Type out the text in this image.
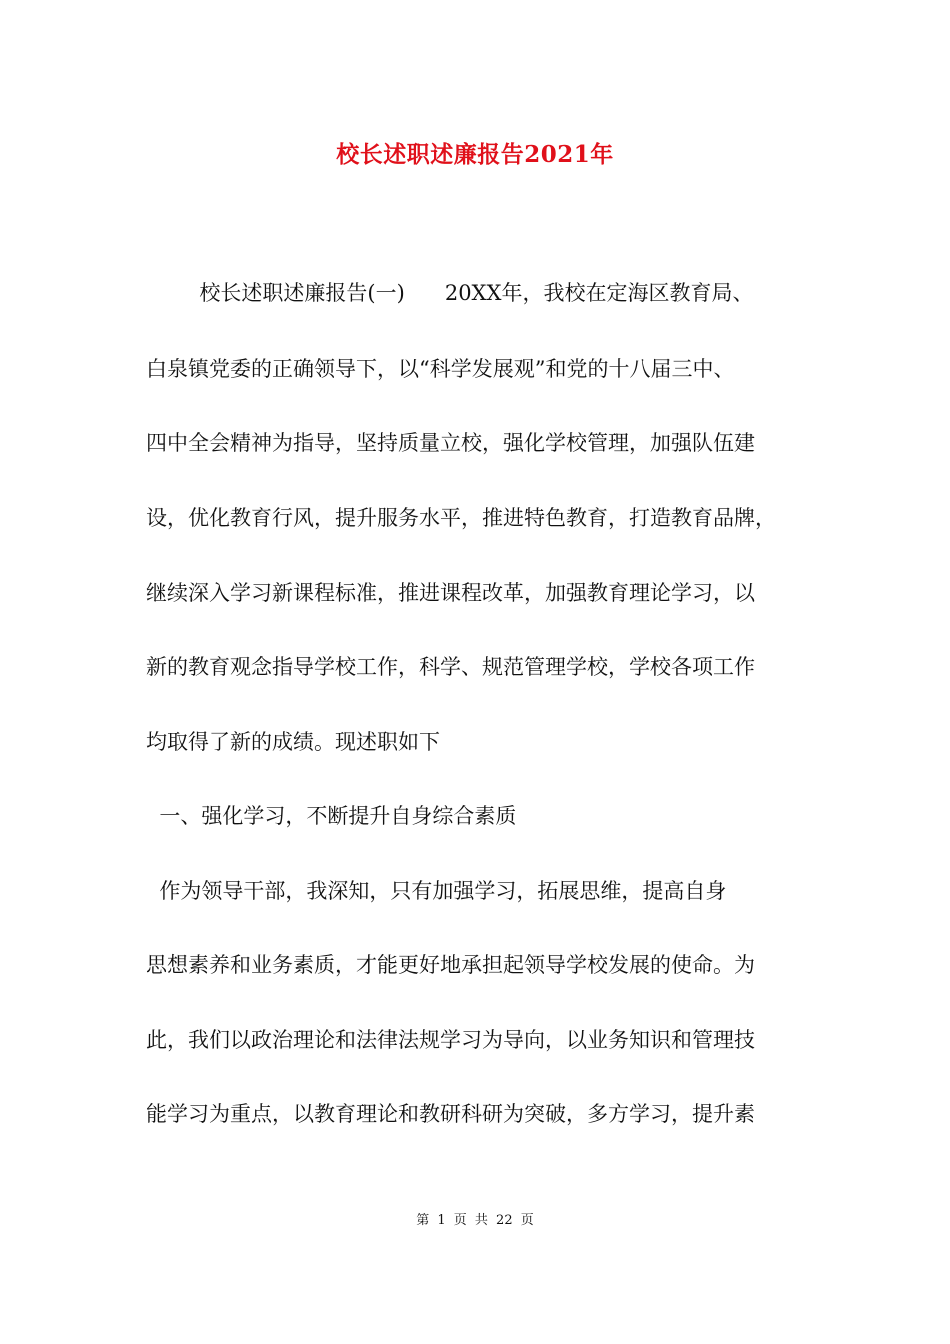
校长述职述廉报告2021年
校长述职述廉报告(一)      20XX年，我校在定海区教育局、
白泉镇党委的正确领导下，以“科学发展观”和党的十八届三中、
四中全会精神为指导，坚持质量立校，强化学校管理，加强队伍建
设，优化教育行风，提升服务水平，推进特色教育，打造教育品牌，
继续深入学习新课程标准，推进课程改革，加强教育理论学习，以
新的教育观念指导学校工作，科学、规范管理学校，学校各项工作
均取得了新的成绩。现述职如下
一、强化学习，不断提升自身综合素质
作为领导干部，我深知，只有加强学习，拓展思维，提高自身
思想素养和业务素质，才能更好地承担起领导学校发展的使命。为
此，我们以政治理论和法律法规学习为导向，以业务知识和管理技
能学习为重点，以教育理论和教研科研为突破，多方学习，提升素
第 1 页 共 22 页
